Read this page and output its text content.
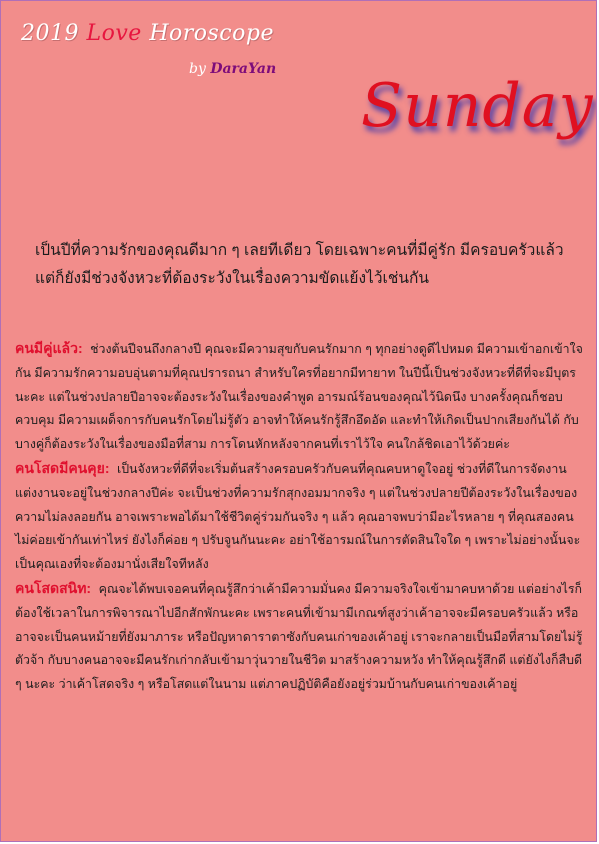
2019 Love Horoscope
by DaraYan
Sunday
เป็นปีที่ความรักของคุณดีมาก ๆ เลยทีเดียว โดยเฉพาะคนที่มีคู่รัก มีครอบครัวแล้ว แต่ก็ยังมีช่วงจังหวะที่ต้องระวังในเรื่องความขัดแย้งไว้เช่นกัน

คนมีคู่แล้ว: ช่วงต้นปีจนถึงกลางปี คุณจะมีความสุขกับคนรักมาก ๆ ทุกอย่างดูดีไปหมด มีความเข้าอกเข้าใจกัน มีความรักความอบอุ่นตามที่คุณปรารถนา สำหรับใครที่อยากมีทายาท ในปีนี้เป็นช่วงจังหวะที่ดีที่จะมีบุตรนะคะ แต่ในช่วงปลายปีอาจจะต้องระวังในเรื่องของคำพูด อารมณ์ร้อนของคุณไว้นิดนึง บางครั้งคุณก็ชอบควบคุม มีความเผด็จการกับคนรักโดยไม่รู้ตัว อาจทำให้คนรักรู้สึกอึดอัด และทำให้เกิดเป็นปากเสียงกันได้ กับบางคู่ก็ต้องระวังในเรื่องของมือที่สาม การโดนหักหลังจากคนที่เราไว้ใจ คนใกล้ชิดเอาไว้ด้วยค่ะ

คนโสดมีคนคุย: เป็นจังหวะที่ดีที่จะเริ่มต้นสร้างครอบครัวกับคนที่คุณคบหาดูใจอยู่ ช่วงที่ดีในการจัดงานแต่งงานจะอยู่ในช่วงกลางปีค่ะ จะเป็นช่วงที่ความรักสุกงอมมากจริง ๆ แต่ในช่วงปลายปีต้องระวังในเรื่องของความไม่ลงลอยกัน อาจเพราะพอได้มาใช้ชีวิตคู่ร่วมกันจริง ๆ แล้ว คุณอาจพบว่ามีอะไรหลาย ๆ ที่คุณสองคนไม่ค่อยเข้ากันเท่าไหร่ ยังไงก็ค่อย ๆ ปรับจูนกันนะคะ อย่าใช้อารมณ์ในการตัดสินใจใด ๆ เพราะไม่อย่างนั้นจะเป็นคุณเองที่จะต้องมานั่งเสียใจทีหลัง

คนโสดสนิท: คุณจะได้พบเจอคนที่คุณรู้สึกว่าเค้ามีความมั่นคง มีความจริงใจเข้ามาคบหาด้วย แต่อย่างไรก็ต้องใช้เวลาในการพิจารณาไปอีกสักพักนะคะ เพราะคนที่เข้ามามีเกณฑ์สูงว่าเค้าอาจจะมีครอบครัวแล้ว หรืออาจจะเป็นคนหม้ายที่ยังมาภาระ หรือปัญหาดาราตาซังกับคนเก่าของเค้าอยู่ เราจะกลายเป็นมือที่สามโดยไม่รู้ตัวจ้า กับบางคนอาจจะมีคนรักเก่ากลับเข้ามาวุ่นวายในชีวิต มาสร้างความหวัง ทำให้คุณรู้สึกดี แต่ยังไงก็สืบดี ๆ นะคะ ว่าเค้าโสดจริง ๆ หรือโสดแต่ในนาม แต่ภาคปฏิบัติคือยังอยู่ร่วมบ้านกับคนเก่าของเค้าอยู่
